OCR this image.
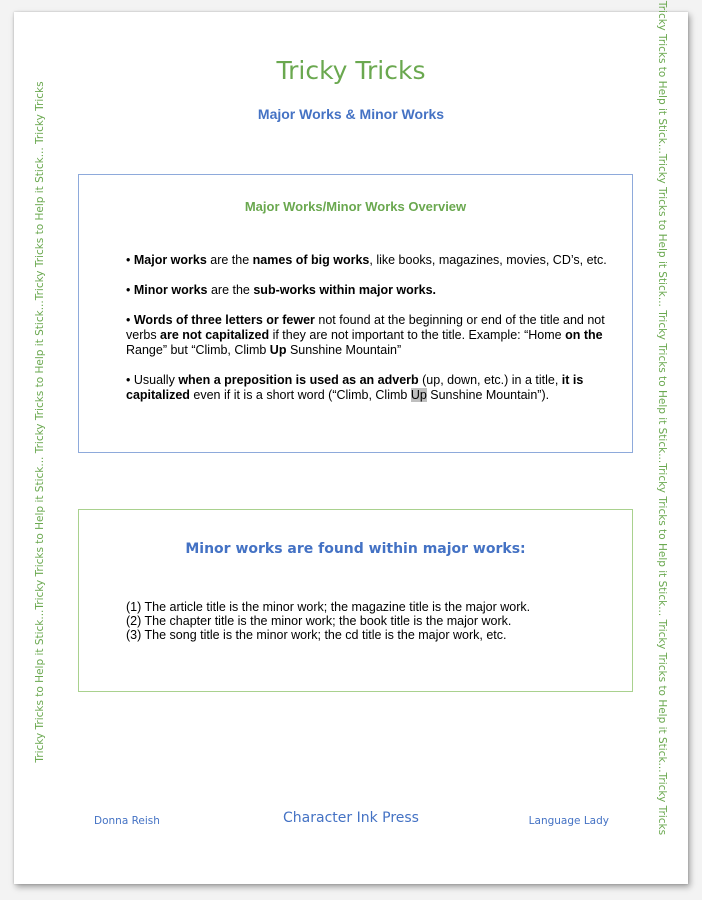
Tricky Tricks to Help it Stick...Tricky Tricks to Help it Stick... Tricky Tricks to Help it Stick...Tricky Tricks to Help it Stick... Tricky Tricks	Tricky Tricks to Help it Stick...Tricky Tricks to Help it Stick... Tricky Tricks to Help it Stick...Tricky Tricks to Help it Stick... Tricky Tricks to Help it Stick...Tricky Tricks
Tricky Tricks
Major Works & Minor Works
Major Works/Minor Works Overview

• Major works are the names of big works, like books, magazines, movies, CD’s, etc.

• Minor works are the sub-works within major works.

• Words of three letters or fewer not found at the beginning or end of the title and not verbs are not capitalized if they are not important to the title. Example: “Home on the Range” but “Climb, Climb Up Sunshine Mountain”

• Usually when a preposition is used as an adverb (up, down, etc.) in a title, it is capitalized even if it is a short word (“Climb, Climb Up Sunshine Mountain”).

Minor works are found within major works:
(1) The article title is the minor work; the magazine title is the major work.
(2) The chapter title is the minor work; the book title is the major work.
(3) The song title is the minor work; the cd title is the major work, etc.
Donna Reish	Character Ink Press	Language Lady
